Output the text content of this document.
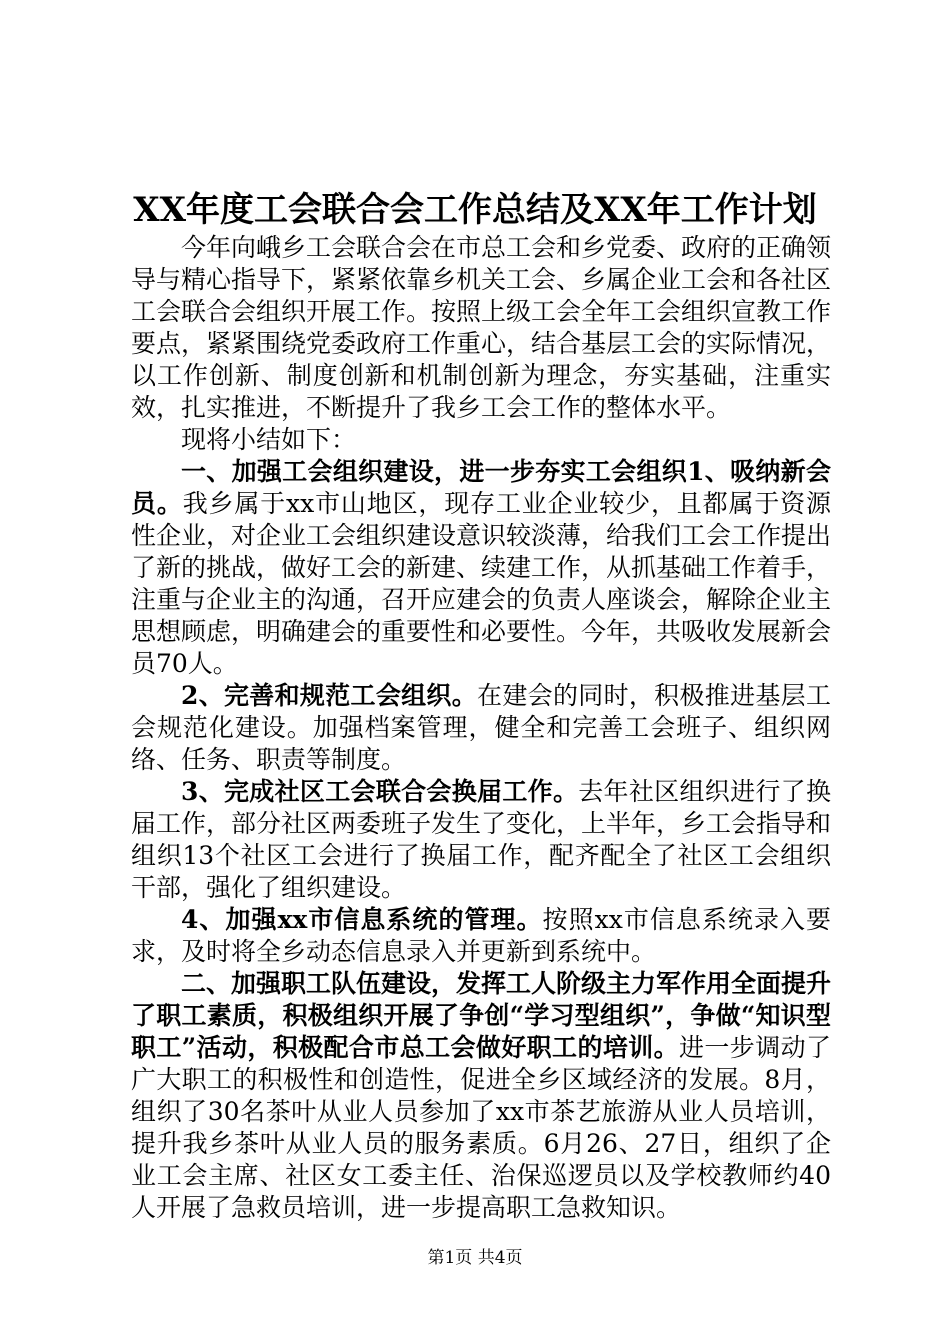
XX年度工会联合会工作总结及XX年工作计划

今年向峨乡工会联合会在市总工会和乡党委、政府的正确领导与精心指导下，紧紧依靠乡机关工会、乡属企业工会和各社区工会联合会组织开展工作。按照上级工会全年工会组织宣教工作要点，紧紧围绕党委政府工作重心，结合基层工会的实际情况，以工作创新、制度创新和机制创新为理念，夯实基础，注重实效，扎实推进，不断提升了我乡工会工作的整体水平。

现将小结如下：

一、加强工会组织建设，进一步夯实工会组织1、吸纳新会员。我乡属于xx市山地区，现存工业企业较少，且都属于资源性企业，对企业工会组织建设意识较淡薄，给我们工会工作提出了新的挑战，做好工会的新建、续建工作，从抓基础工作着手，注重与企业主的沟通，召开应建会的负责人座谈会，解除企业主思想顾虑，明确建会的重要性和必要性。今年，共吸收发展新会员70人。

2、完善和规范工会组织。在建会的同时，积极推进基层工会规范化建设。加强档案管理，健全和完善工会班子、组织网络、任务、职责等制度。

3、完成社区工会联合会换届工作。去年社区组织进行了换届工作，部分社区两委班子发生了变化，上半年，乡工会指导和组织13个社区工会进行了换届工作，配齐配全了社区工会组织干部，强化了组织建设。

4、加强xx市信息系统的管理。按照xx市信息系统录入要求，及时将全乡动态信息录入并更新到系统中。

二、加强职工队伍建设，发挥工人阶级主力军作用全面提升了职工素质，积极组织开展了争创“学习型组织”，争做“知识型职工”活动，积极配合市总工会做好职工的培训。进一步调动了广大职工的积极性和创造性，促进全乡区域经济的发展。8月，组织了30名茶叶从业人员参加了xx市茶艺旅游从业人员培训，提升我乡茶叶从业人员的服务素质。6月26、27日，组织了企业工会主席、社区女工委主任、治保巡逻员以及学校教师约40人开展了急救员培训，进一步提高职工急救知识。

第1页 共4页
